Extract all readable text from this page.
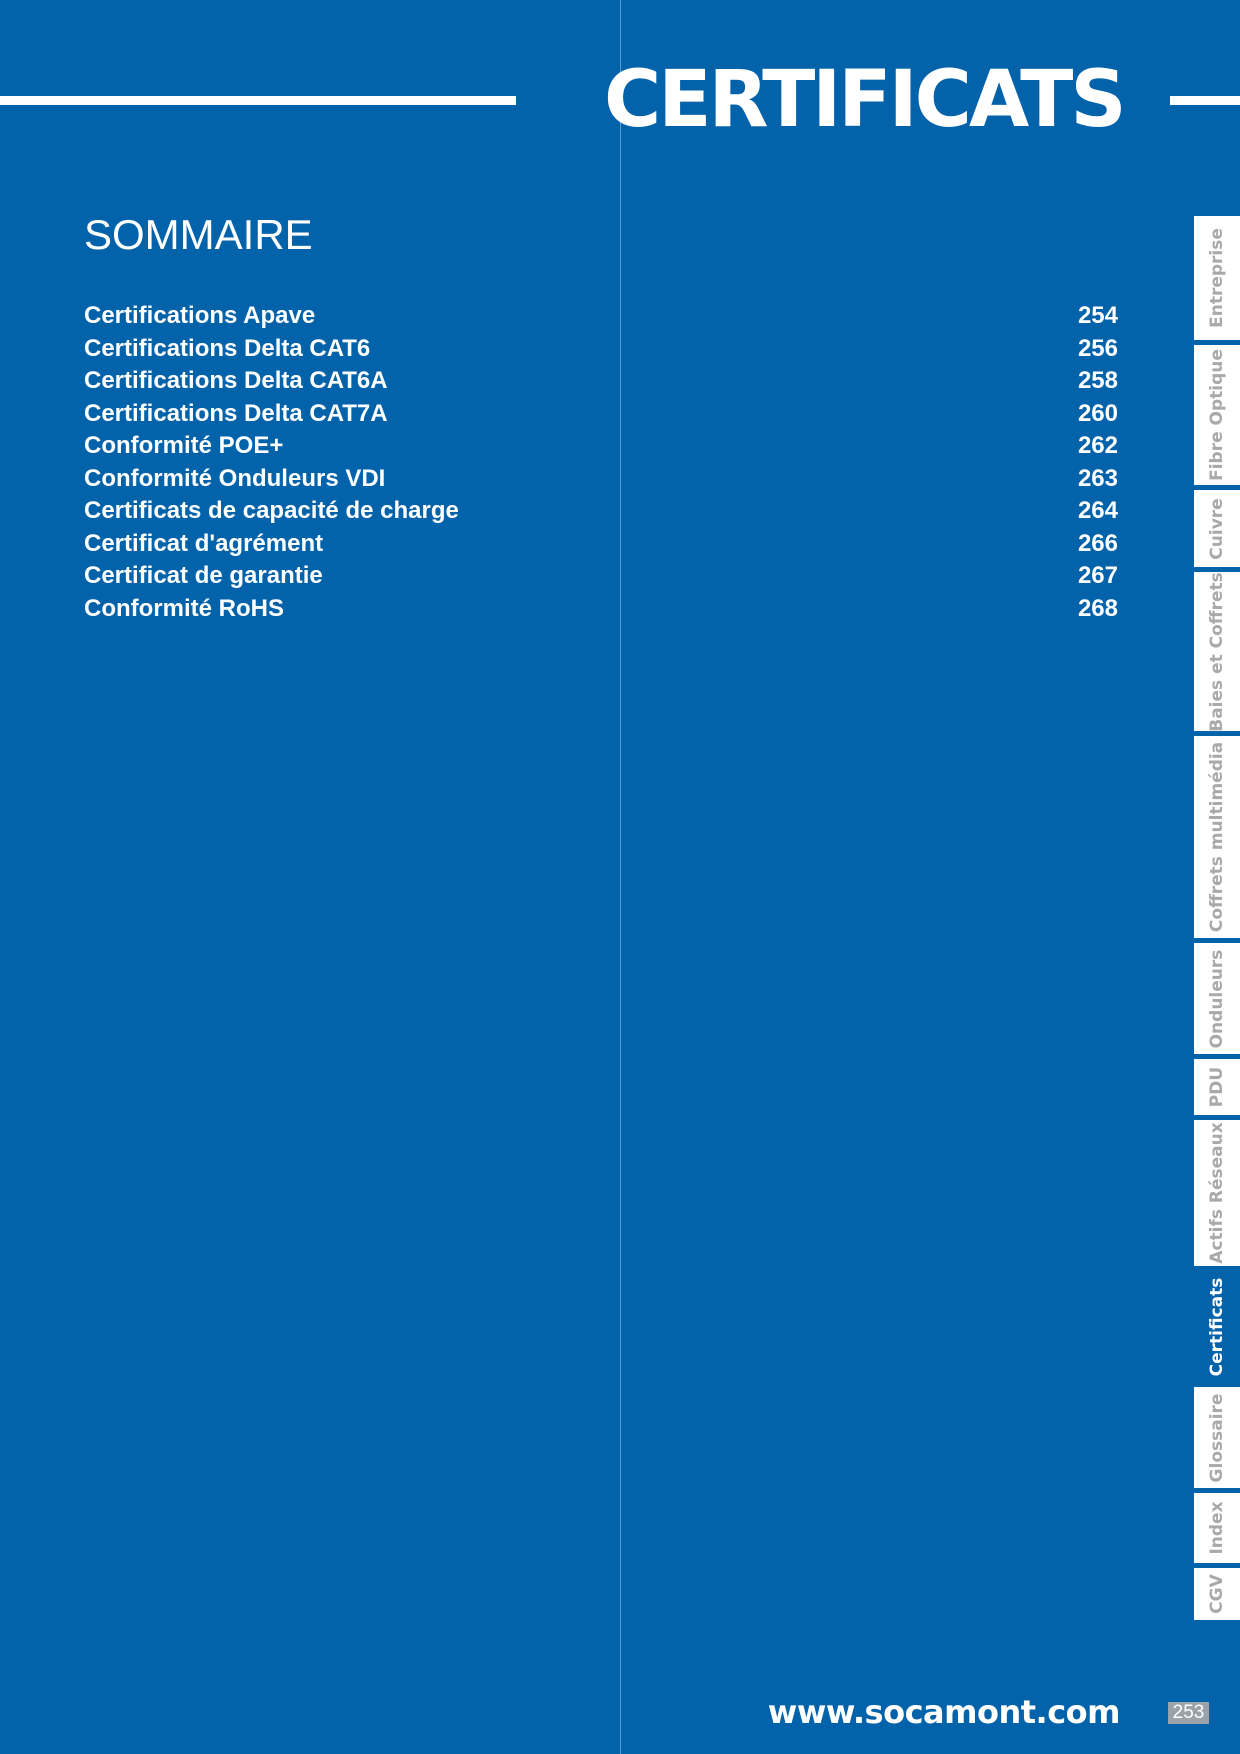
CERTIFICATS
SOMMAIRE
Certifications Apave	254
Certifications Delta CAT6	256
Certifications Delta CAT6A	258
Certifications Delta CAT7A	260
Conformité POE+	262
Conformité Onduleurs VDI	263
Certificats de capacité de charge	264
Certificat d'agrément	266
Certificat de garantie	267
Conformité RoHS	268
Entreprise
Fibre Optique
Cuivre
Baies et Coffrets
Coffrets multimédia
Onduleurs
PDU
Actifs Réseaux
Certificats
Glossaire
Index
CGV
www.socamont.com	253
